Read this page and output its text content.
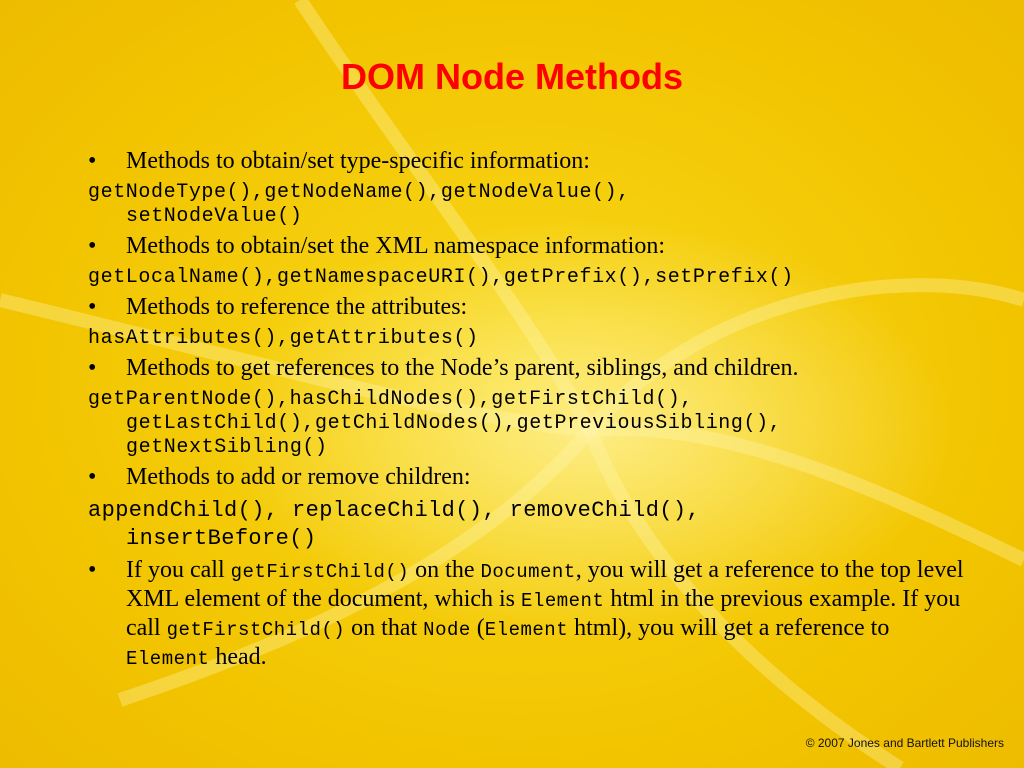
DOM Node Methods

• Methods to obtain/set type-specific information:

getNodeType(),getNodeName(),getNodeValue(),
setNodeValue()

• Methods to obtain/set the XML namespace information:

getLocalName(),getNamespaceURI(),getPrefix(),setPrefix()

• Methods to reference the attributes:

hasAttributes(),getAttributes()

• Methods to get references to the Node’s parent, siblings, and children.

getParentNode(),hasChildNodes(),getFirstChild(),
getLastChild(),getChildNodes(),getPreviousSibling(),
getNextSibling()

• Methods to add or remove children:

appendChild(), replaceChild(), removeChild(),
insertBefore()

• If you call getFirstChild() on the Document, you will get a reference to the top level XML element of the document, which is Element html in the previous example. If you call getFirstChild() on that Node (Element html), you will get a reference to Element head.

© 2007 Jones and Bartlett Publishers
